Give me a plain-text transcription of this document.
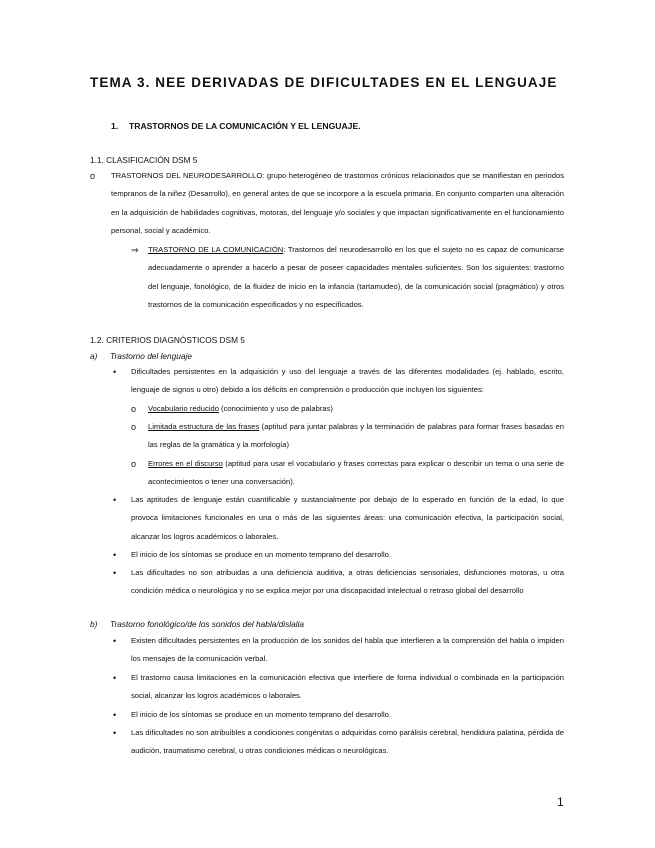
TEMA 3. NEE DERIVADAS DE DIFICULTADES EN EL LENGUAJE
1. TRASTORNOS DE LA COMUNICACIÓN Y EL LENGUAJE.
1.1. CLASIFICACIÓN DSM 5
o TRASTORNOS DEL NEURODESARROLLO: grupo heterogéneo de trastornos crónicos relacionados que se manifiestan en periodos tempranos de la niñez (Desarrollo), en general antes de que se incorpore a la escuela primaria. En conjunto comparten una alteración en la adquisición de habilidades cognitivas, motoras, del lenguaje y/o sociales y que impactan significativamente en el funcionamiento personal, social y académico.

⇒ TRASTORNO DE LA COMUNICACIÓN: Trastornos del neurodesarrollo en los que el sujeto no es capaz de comunicarse adecuadamente o aprender a hacerlo a pesar de poseer capacidades mentales suficientes. Son los siguientes: trastorno del lenguaje, fonológico, de la fluidez de inicio en la infancia (tartamudeo), de la comunicación social (pragmático) y otros trastornos de la comunicación especificados y no especificados.

1.2. CRITERIOS DIAGNÓSTICOS DSM 5
a) Trastorno del lenguaje
• Dificultades persistentes en la adquisición y uso del lenguaje a través de las diferentes modalidades (ej. hablado, escrito, lenguaje de signos u otro) debido a los déficits en comprensión o producción que incluyen los siguientes:

o Vocabulario reducido (conocimiento y uso de palabras)

o Limitada estructura de las frases (aptitud para juntar palabras y la terminación de palabras para formar frases basadas en las reglas de la gramática y la morfología)

o Errores en el discurso (aptitud para usar el vocabulario y frases correctas para explicar o describir un tema o una serie de acontecimientos o tener una conversación).

• Las aptitudes de lenguaje están cuantificable y sustancialmente por debajo de lo esperado en función de la edad, lo que provoca limitaciones funcionales en una o más de las siguientes áreas: una comunicación efectiva, la participación social, alcanzar los logros académicos o laborales.

• El inicio de los síntomas se produce en un momento temprano del desarrollo.

• Las dificultades no son atribuidas a una deficiencia auditiva, a otras deficiencias sensoriales, disfunciones motoras, u otra condición médica o neurológica y no se explica mejor por una discapacidad intelectual o retraso global del desarrollo

b) Trastorno fonológico/de los sonidos del habla/dislalia
• Existen dificultades persistentes en la producción de los sonidos del habla que interfieren a la comprensión del habla o impiden los mensajes de la comunicación verbal.

• El trastorno causa limitaciones en la comunicación efectiva que interfiere de forma individual o combinada en la participación social, alcanzar los logros académicos o laborales.

• El inicio de los síntomas se produce en un momento temprano del desarrollo.

• Las dificultades no son atribuibles a condiciones congénitas o adquiridas como parálisis cerebral, hendidura palatina, pérdida de audición, traumatismo cerebral, u otras condiciones médicas o neurológicas.

1
